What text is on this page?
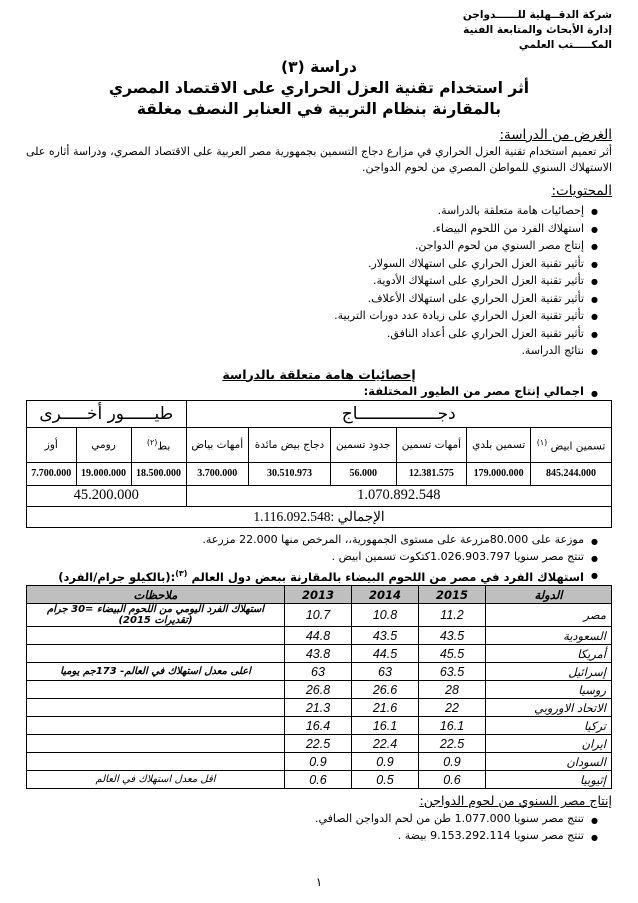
شركة الدقــهلية للــــــدواجن
إدارة الأبحاث والمتابعة الفنية
المكـــــتب العلمي
دراسة (٣)
أثر استخدام تقنية العزل الحراري على الاقتصاد المصري
بالمقارنة بنظام التربية في العنابر النصف مغلقة
الغرض من الدراسة:
أثر تعميم استخدام تقنية العزل الحراري في مزارع دجاج التسمين بجمهورية مصر العربية على الاقتصاد المصري، ودراسة أثاره على الاستهلاك السنوي للمواطن المصري من لحوم الدواجن.
المحتويات:
● إحصائيات هامة متعلقة بالدراسة.
● استهلاك الفرد من اللحوم البيضاء.
● إنتاج مصر السنوي من لحوم الدواجن.
● تأثير تقنية العزل الحراري على استهلاك السولار.
● تأثير تقنية العزل الحراري على استهلاك الأدوية.
● تأثير تقنية العزل الحراري على استهلاك الأعلاف.
● تأثير تقنية العزل الحراري على زيادة عدد دورات التربية.
● تأثير تقنية العزل الحراري على أعداد النافق.
● نتائج الدراسة.
إحصائيات هامة متعلقة بالدراسة
● اجمالي إنتاج مصر من الطيور المختلفة:
دجــــــــــــــــاج						طيــــــور أخـــــرى		
تسمين ابيض $^{(١)}$	تسمين بلدي	أمهات تسمين	جدود تسمين	دجاج بيض مائدة	أمهات بياض	بط$^{(٢)}$	رومي	أوز
845.244.000	179.000.000	12.381.575	56.000	30.510.973	3.700.000	18.500.000	19.000.000	7.700.000
1.070.892.548						45.200.000		
الإجمالي :1.116.092.548								
● موزعة على 80.000مزرعة على مستوى الجمهورية،، المرخص منها 22.000 مزرعة.
● تنتج مصر سنويا 1.026.903.797كتكوت تسمين ابيض .
● استهلاك الفرد في مصر من اللحوم البيضاء بالمقارنة ببعض دول العالم $^{(٣)}$:(بالكيلو جرام/الفرد)
الدولة	2015	2014	2013	ملاحظات
مصر	11.2	10.8	10.7	استهلاك الفرد اليومي من اللحوم البيضاء =30 جرام (تقديرات 2015)
السعودية	43.5	43.5	44.8	
أمريكا	45.5	44.5	43.8	
إسرائيل	63.5	63	63	اعلى معدل استهلاك في العالم- 173جم يوميا
روسيا	28	26.6	26.8	
الاتحاد الاوروبي	22	21.6	21.3	
تركيا	16.1	16.1	16.4	
ايران	22.5	22.4	22.5	
السودان	0.9	0.9	0.9	
إثيوبيا	0.6	0.5	0.6	اقل معدل استهلاك في العالم
إنتاج مصر السنوي من لحوم الدواجن:
● تنتج مصر سنويا 1.077.000 طن من لحم الدواجن الصافي.
● تنتج مصر سنويا 9.153.292.114 بيضة .
١
